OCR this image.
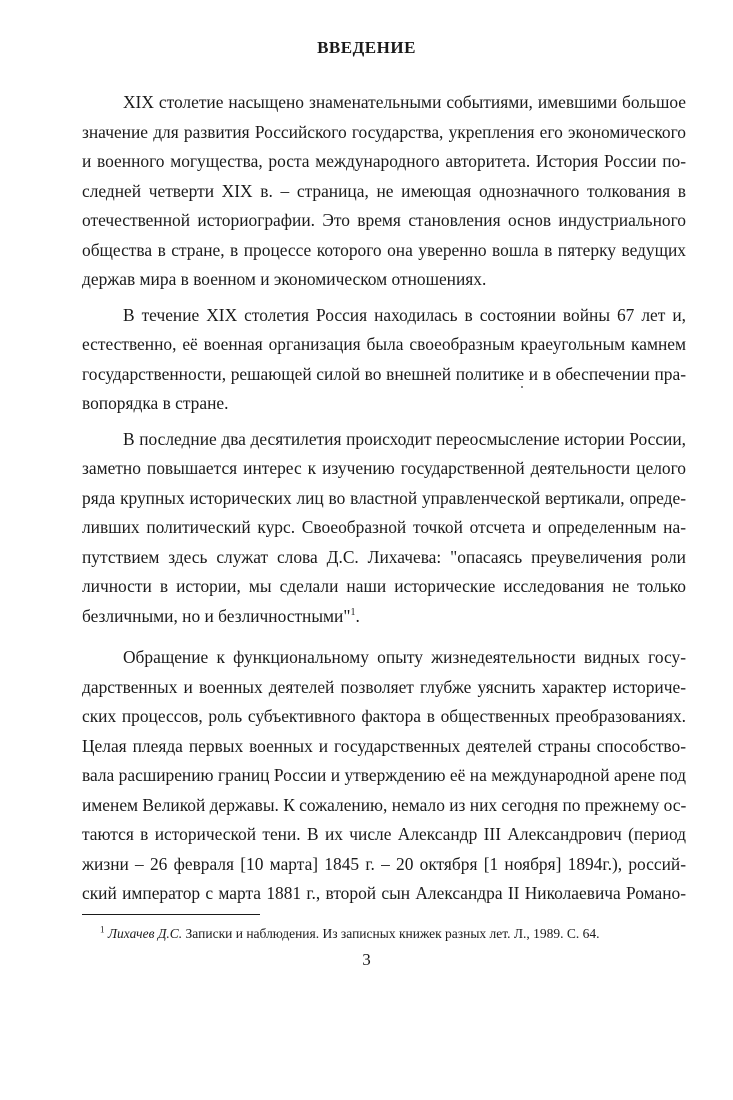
ВВЕДЕНИЕ

XIX столетие насыщено знаменательными событиями, имевшими большое
значение для развития Российского государства, укрепления его экономического
и военного могущества, роста международного авторитета. История России по-
следней четверти XIX в. – страница, не имеющая однозначного толкования в
отечественной историографии. Это время становления основ индустриального
общества в стране, в процессе которого она уверенно вошла в пятерку ведущих
держав мира в военном и экономическом отношениях.

В течение XIX столетия Россия находилась в состоянии войны 67 лет и,
естественно, её военная организация была своеобразным краеугольным камнем
государственности, решающей силой во внешней политике и в обеспечении пра-
вопорядка в стране.

В последние два десятилетия происходит переосмысление истории России,
заметно повышается интерес к изучению государственной деятельности целого
ряда крупных исторических лиц во властной управленческой вертикали, опреде-
ливших политический курс. Своеобразной точкой отсчета и определенным на-
путствием здесь служат слова Д.С. Лихачева: "опасаясь преувеличения роли
личности в истории, мы сделали наши исторические исследования не только
безличными, но и безличностными"$^1$.

Обращение к функциональному опыту жизнедеятельности видных госу-
дарственных и военных деятелей позволяет глубже уяснить характер историче-
ских процессов, роль субъективного фактора в общественных преобразованиях.
Целая плеяда первых военных и государственных деятелей страны способство-
вала расширению границ России и утверждению её на международной арене под
именем Великой державы. К сожалению, немало из них сегодня по прежнему ос-
таются в исторической тени. В их числе Александр III Александрович (период
жизни – 26 февраля [10 марта] 1845 г. – 20 октября [1 ноября] 1894г.), россий-
ский император с марта 1881 г., второй сын Александра II Николаевича Романо-

$^1$ Лихачев Д.С. Записки и наблюдения. Из записных книжек разных лет. Л., 1989. С. 64.
3
